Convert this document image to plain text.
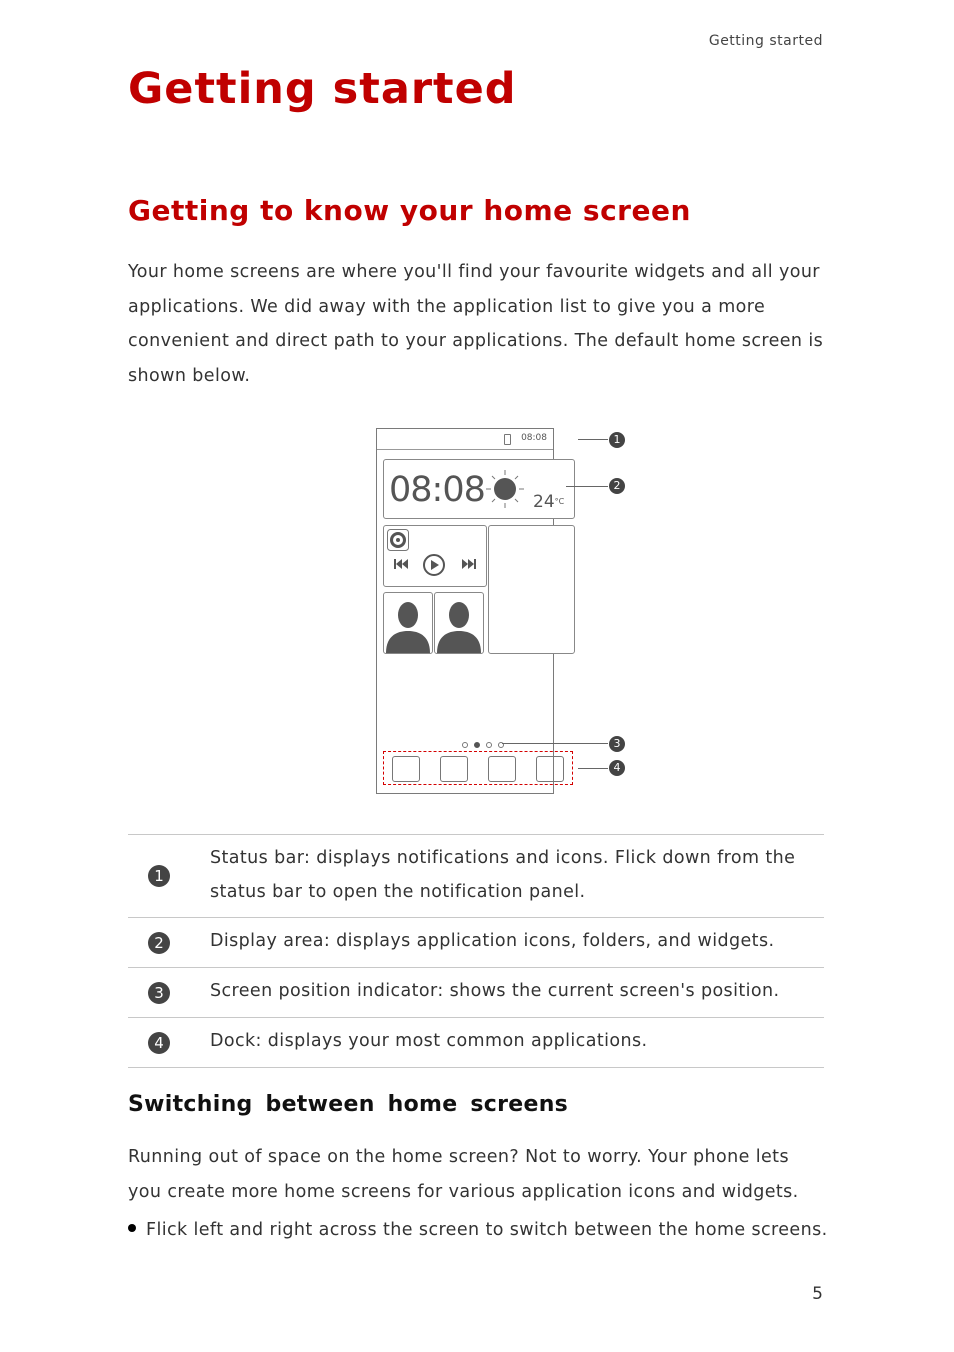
Getting started
Getting started
Getting to know your home screen

Your home screens are where you'll find your favourite widgets and all your applications. We did away with the application list to give you a more convenient and direct path to your applications. The default home screen is shown below.

08:08
08:08	$24^{^\circ C}$
1
2
3
4
1	Status bar: displays notifications and icons. Flick down from the status bar to open the notification panel.

2	Display area: displays application icons, folders, and widgets.

3	Screen position indicator: shows the current screen's position.

4	Dock: displays your most common applications.
Switching between home screens

Running out of space on the home screen? Not to worry. Your phone lets you create more home screens for various application icons and widgets.

Flick left and right across the screen to switch between the home screens.
5
